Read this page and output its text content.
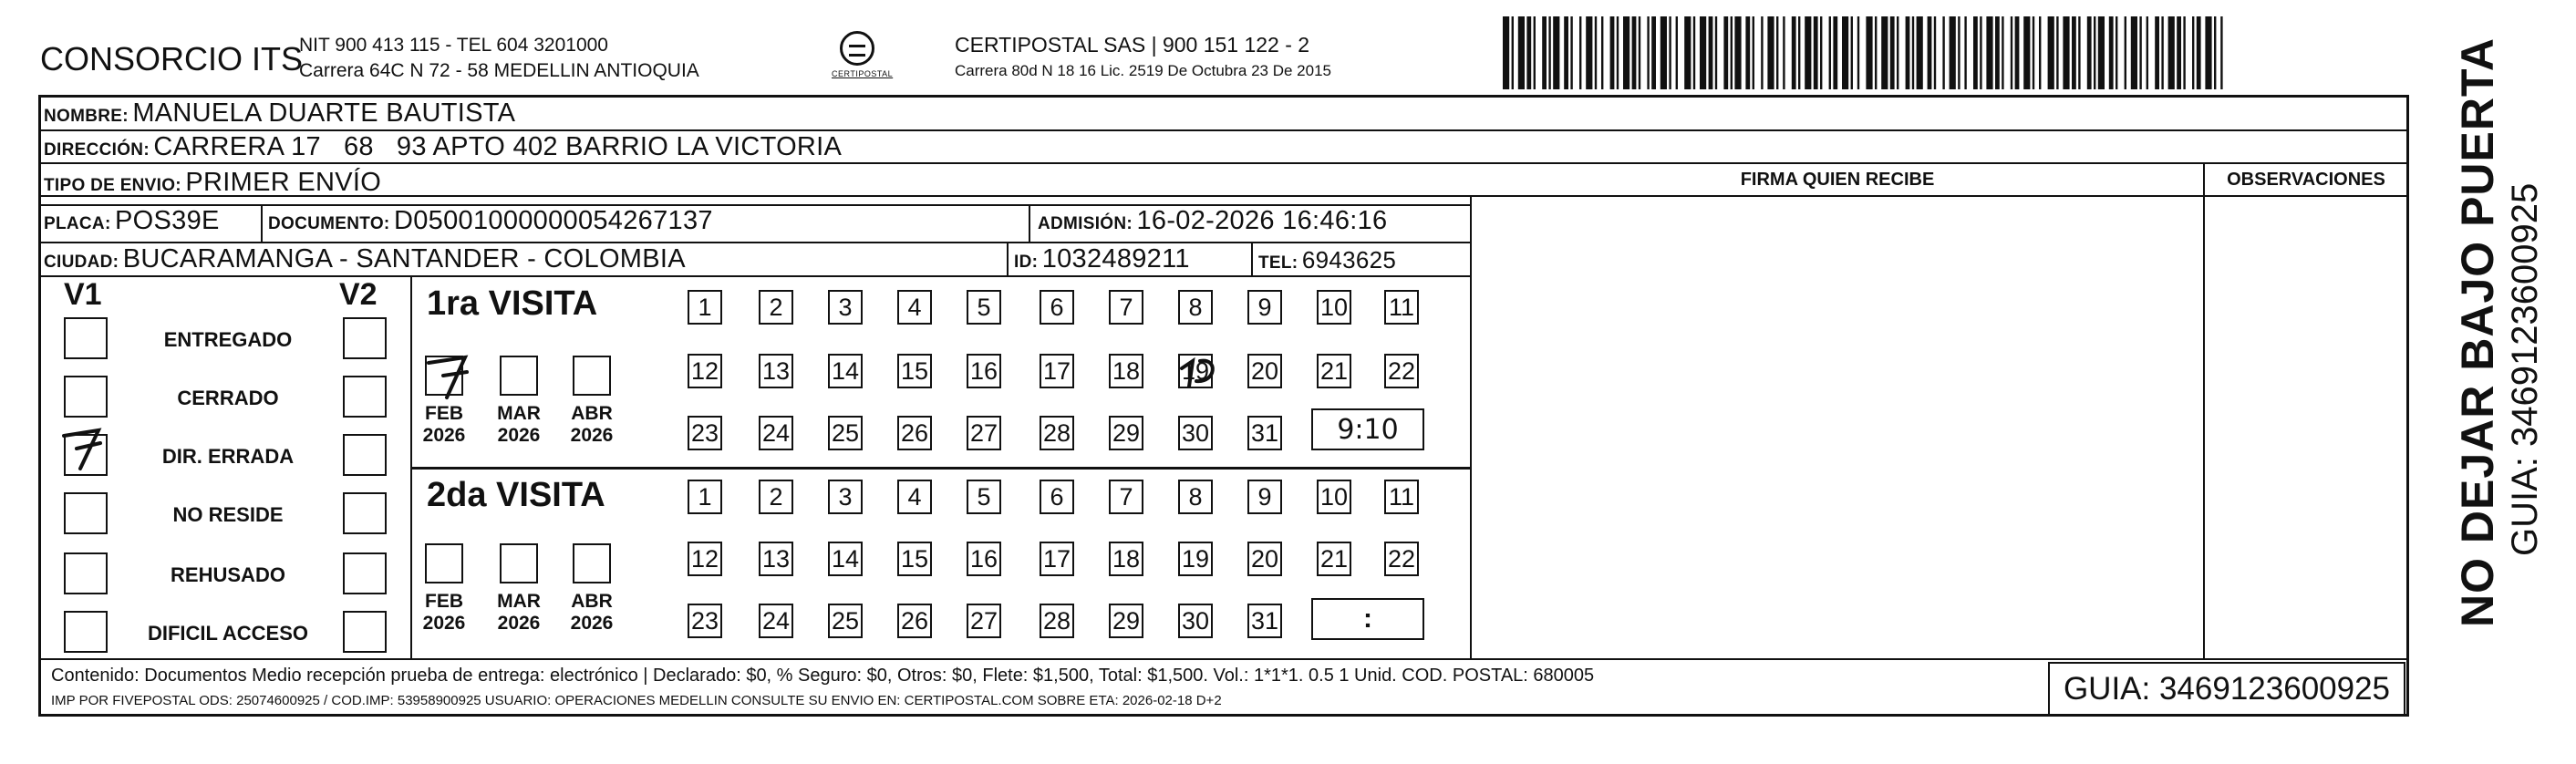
CONSORCIO ITS
NIT 900 413 115 - TEL 604 3201000
Carrera 64C N 72 - 58 MEDELLIN ANTIOQUIA	CERTIPOSTAL
CERTIPOSTAL SAS | 900 151 122 - 2
Carrera 80d N 18 16 Lic. 2519 De Octubra 23 De 2015
NOMBRE: MANUELA DUARTE BAUTISTA
DIRECCIÓN: CARRERA 17   68   93 APTO 402 BARRIO LA VICTORIA
TIPO DE ENVIO: PRIMER ENVÍO
PLACA: POS39E	DOCUMENTO: D05001000000054267137	ADMISIÓN: 16-02-2026 16:46:16
CIUDAD: BUCARAMANGA - SANTANDER - COLOMBIA	ID: 1032489211	TEL: 6943625
FIRMA QUIEN RECIBE	OBSERVACIONES
V1	V2
ENTREGADO
CERRADO
DIR. ERRADA
NO RESIDE
REHUSADO
DIFICIL ACCESO
1ra VISITA
FEB
2026
MAR
2026
ABR
2026
1 2 3 4 5 6 7 8 9 10 11
12 13 14 15 16 17 18 19 20 21 22
23 24 25 26 27 28 29 30 31 9:10
2da VISITA
FEB
2026
MAR
2026
ABR
2026
1 2 3 4 5 6 7 8 9 10 11
12 13 14 15 16 17 18 19 20 21 22
23 24 25 26 27 28 29 30 31	:	NO DEJAR BAJO PUERTA GUIA: 3469123600925
Contenido: Documentos Medio recepción prueba de entrega: electrónico | Declarado: $0, % Seguro: $0, Otros: $0, Flete: $1,500, Total: $1,500. Vol.: 1*1*1. 0.5 1 Unid. COD. POSTAL: 680005
IMP POR FIVEPOSTAL ODS: 25074600925 / COD.IMP: 53958900925 USUARIO: OPERACIONES MEDELLIN CONSULTE SU ENVIO EN: CERTIPOSTAL.COM SOBRE ETA: 2026-02-18 D+2	GUIA: 3469123600925
